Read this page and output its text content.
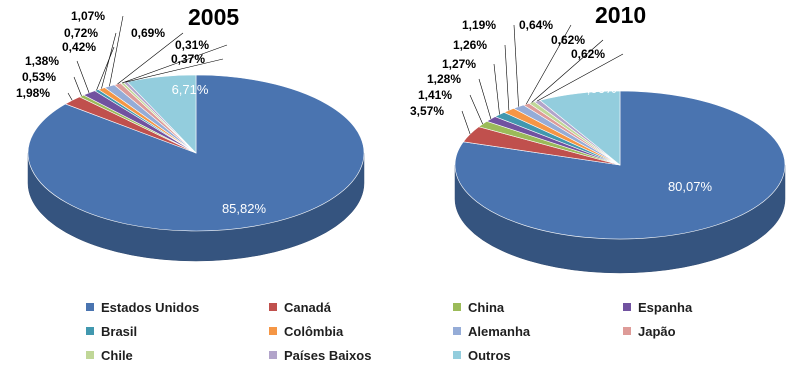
85,82%
1,98%
0,53%
1,38%
0,42%
0,72%
1,07%
0,69%
0,31%
0,37%
6,71%
80,07%
3,57%
1,41%
1,28%
1,27%
1,26%
1,19% 0,64%
0,62%
0,62%
8,06%
2005	2010
Estados Unidos	Canadá	China	Espanha
Brasil	Colômbia	Alemanha	Japão
Chile	Países Baixos	Outros
